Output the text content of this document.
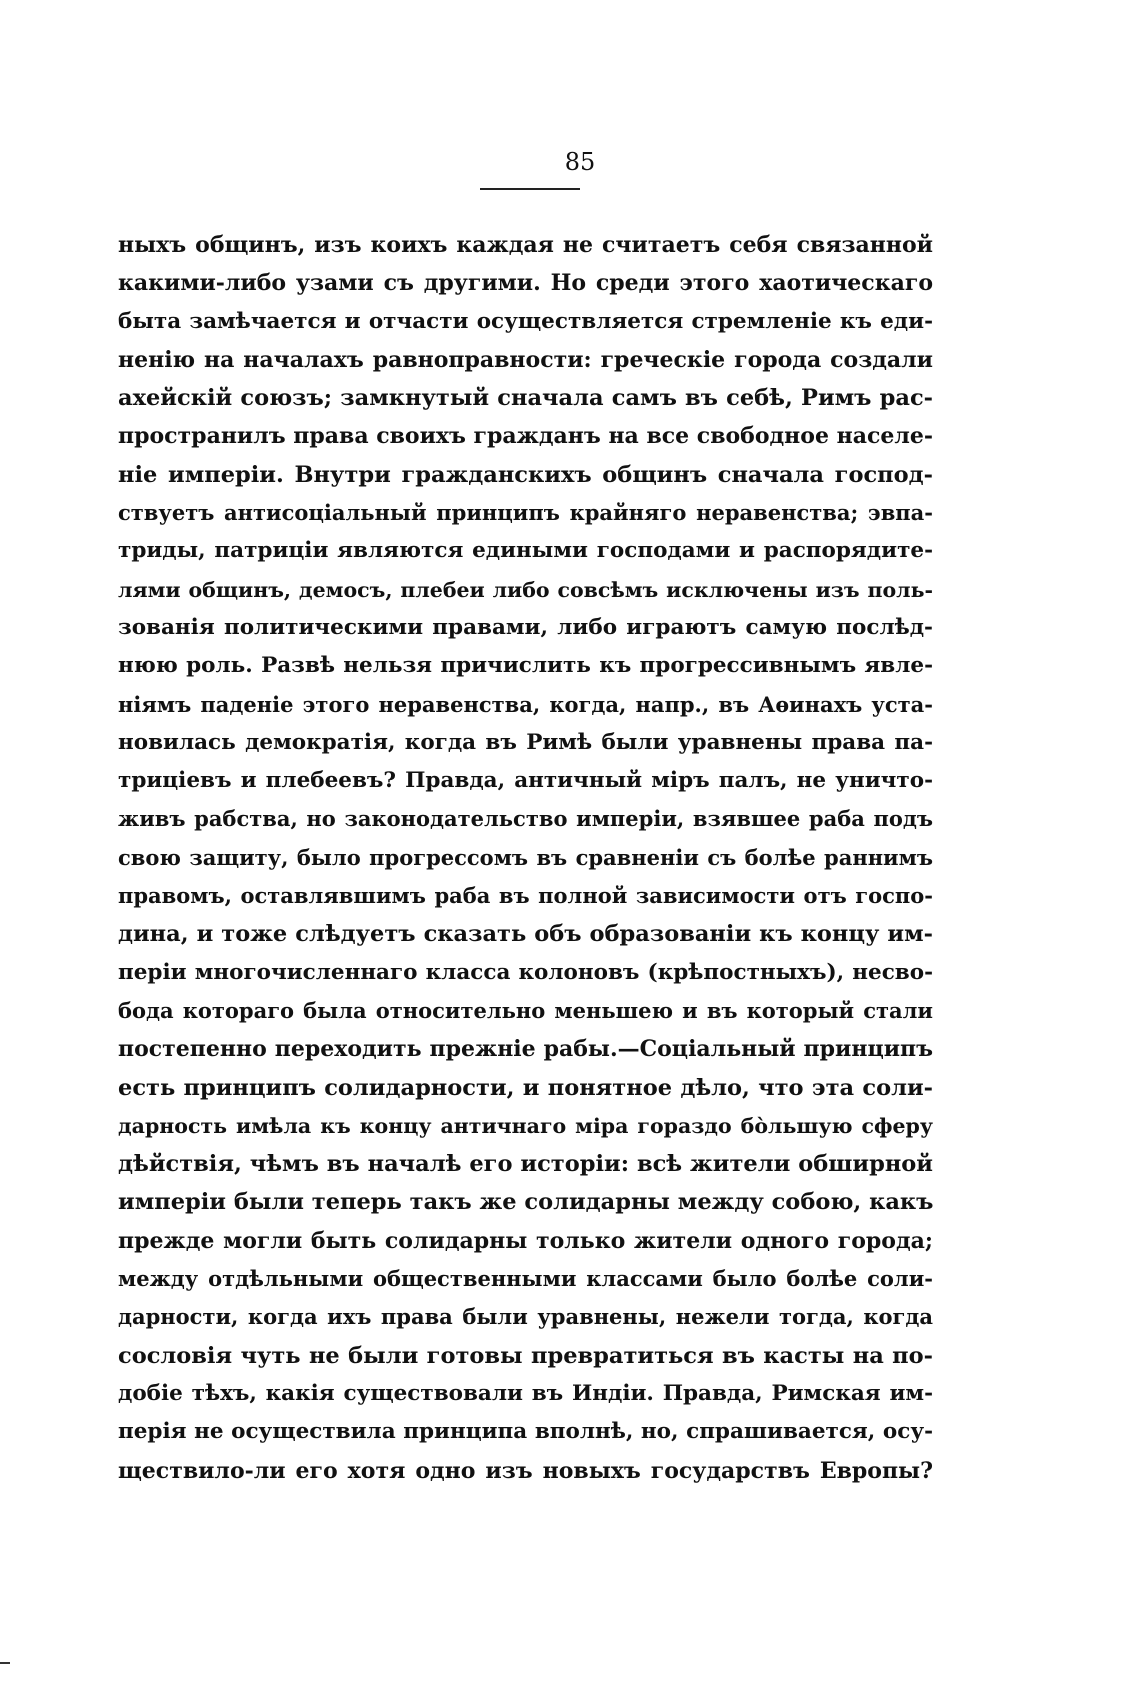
85
ныхъ общинъ, изъ коихъ каждая не считаетъ себя связанной
какими-либо узами съ другими. Но среди этого хаотическаго
быта замѣчается и отчасти осуществляется стремленіе къ еди-
ненію на началахъ равноправности: греческіе города создали
ахейскій союзъ; замкнутый сначала самъ въ себѣ, Римъ рас-
пространилъ права своихъ гражданъ на все свободное населе-
ніе имперіи. Внутри гражданскихъ общинъ сначала господ-
ствуетъ антисоціальный принципъ крайняго неравенства; эвпа-
триды, патриціи являются едиными господами и распорядите-
лями общинъ, демосъ, плебеи либо совсѣмъ исключены изъ поль-
зованія политическими правами, либо играютъ самую послѣд-
нюю роль. Развѣ нельзя причислить къ прогрессивнымъ явле-
ніямъ паденіе этого неравенства, когда, напр., въ Аѳинахъ уста-
новилась демократія, когда въ Римѣ были уравнены права па-
триціевъ и плебеевъ? Правда, античный міръ палъ, не уничто-
живъ рабства, но законодательство имперіи, взявшее раба подъ
свою защиту, было прогрессомъ въ сравненіи съ болѣе раннимъ
правомъ, оставлявшимъ раба въ полной зависимости отъ госпо-
дина, и тоже слѣдуетъ сказать объ образованіи къ концу им-
періи многочисленнаго класса колоновъ (крѣпостныхъ), несво-
бода котораго была относительно меньшею и въ который стали
постепенно переходить прежніе рабы.—Соціальный принципъ
есть принципъ солидарности, и понятное дѣло, что эта соли-
дарность имѣла къ концу античнаго міра гораздо бо̀льшую сферу
дѣйствія, чѣмъ въ началѣ его исторіи: всѣ жители обширной
имперіи были теперь такъ же солидарны между собою, какъ
прежде могли быть солидарны только жители одного города;
между отдѣльными общественными классами было болѣе соли-
дарности, когда ихъ права были уравнены, нежели тогда, когда
сословія чуть не были готовы превратиться въ касты на по-
добіе тѣхъ, какія существовали въ Индіи. Правда, Римская им-
перія не осуществила принципа вполнѣ, но, спрашивается, осу-
ществило-ли его хотя одно изъ новыхъ государствъ Европы?
